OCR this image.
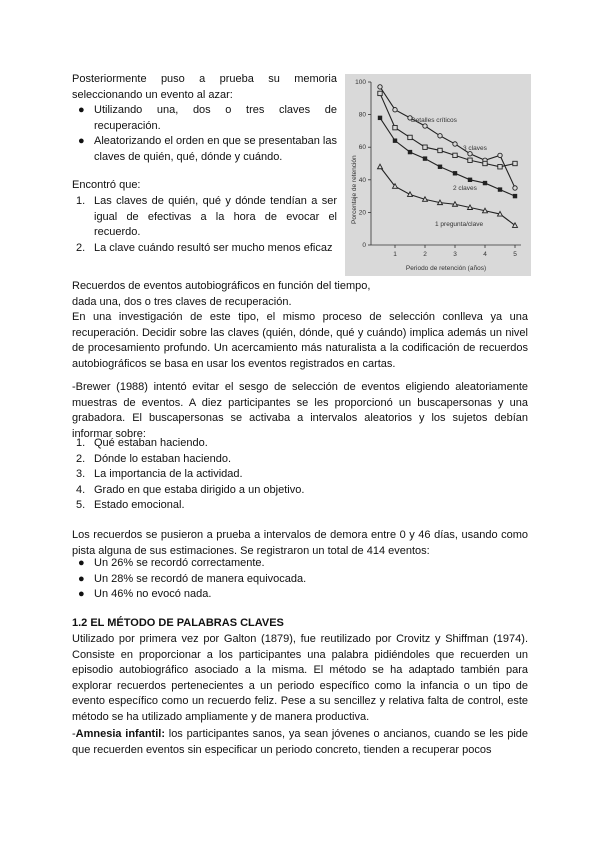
Posteriormente puso a prueba su memoria seleccionando un evento al azar:
● Utilizando una, dos o tres claves de recuperación.
● Aleatorizando el orden en que se presentaban las claves de quién, qué, dónde y cuándo.
Encontró que:
1. Las claves de quién, qué y dónde tendían a ser igual de efectivas a la hora de evocar el recuerdo.
2. La clave cuándo resultó ser mucho menos eficaz	0
20
40
60
80
100
1	2	3	4	5
Porcentaje de retención
Periodo de retención (años)
Detalles críticos
3 claves
2 claves
1 pregunta/clave
Recuerdos de eventos autobiográficos en función del tiempo, dada una, dos o tres claves de recuperación.
En una investigación de este tipo, el mismo proceso de selección conlleva ya una recuperación. Decidir sobre las claves (quién, dónde, qué y cuándo) implica además un nivel de procesamiento profundo. Un acercamiento más naturalista a la codificación de recuerdos autobiográficos se basa en usar los eventos registrados en cartas.
-Brewer (1988) intentó evitar el sesgo de selección de eventos eligiendo aleatoriamente muestras de eventos. A diez participantes se les proporcionó un buscapersonas y una grabadora. El buscapersonas se activaba a intervalos aleatorios y los sujetos debían informar sobre:
1. Qué estaban haciendo.
2. Dónde lo estaban haciendo.
3. La importancia de la actividad.
4. Grado en que estaba dirigido a un objetivo.
5. Estado emocional.
Los recuerdos se pusieron a prueba a intervalos de demora entre 0 y 46 días, usando como pista alguna de sus estimaciones. Se registraron un total de 414 eventos:
● Un 26% se recordó correctamente.
● Un 28% se recordó de manera equivocada.
● Un 46% no evocó nada.
1.2 EL MÉTODO DE PALABRAS CLAVES
Utilizado por primera vez por Galton (1879), fue reutilizado por Crovitz y Shiffman (1974). Consiste en proporcionar a los participantes una palabra pidiéndoles que recuerden un episodio autobiográfico asociado a la misma. El método se ha adaptado también para explorar recuerdos pertenecientes a un periodo específico como la infancia o un tipo de evento específico como un recuerdo feliz. Pese a su sencillez y relativa falta de control, este método se ha utilizado ampliamente y de manera productiva.
-Amnesia infantil: los participantes sanos, ya sean jóvenes o ancianos, cuando se les pide que recuerden eventos sin especificar un periodo concreto, tienden a recuperar pocos
